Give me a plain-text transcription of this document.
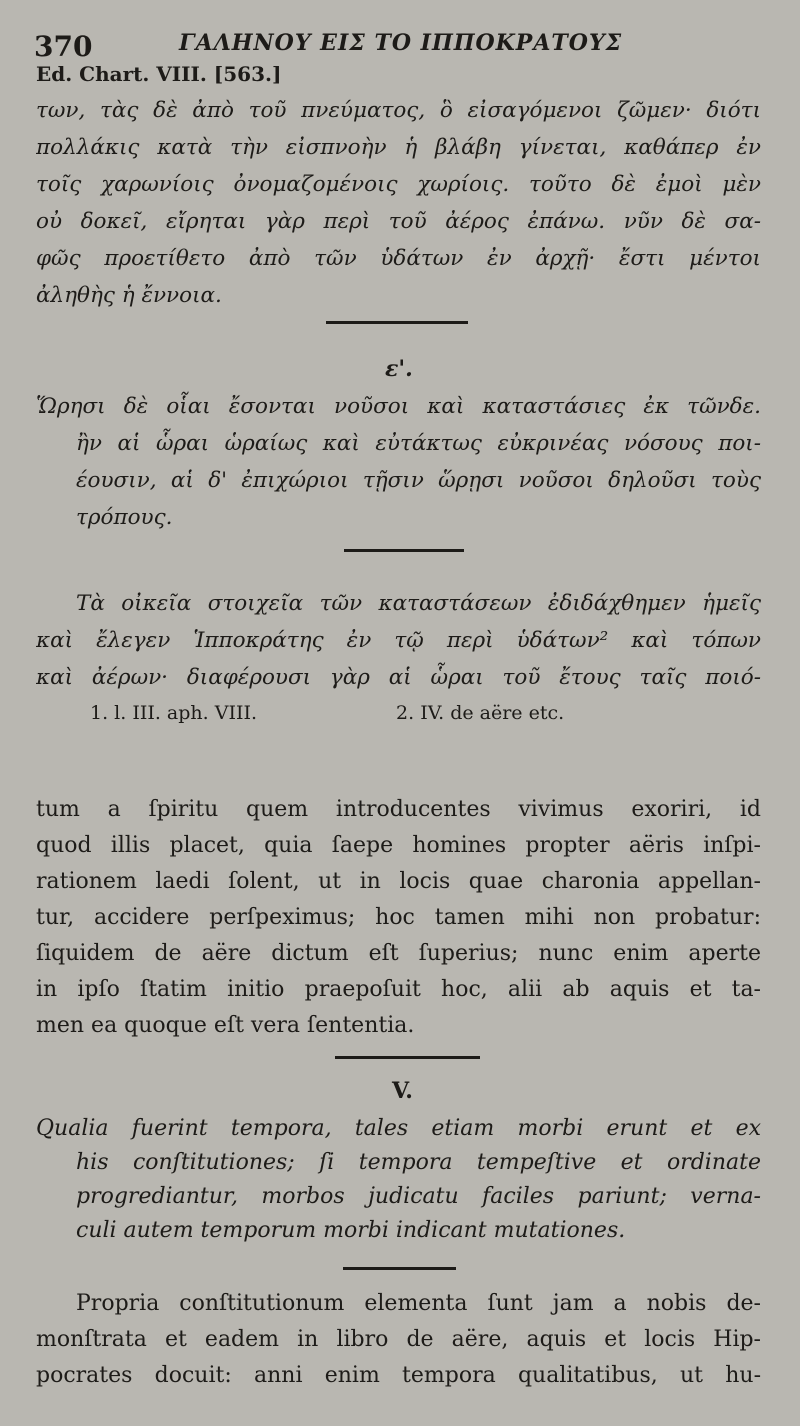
370	ΓΑΛΗΝΟΥ ΕΙΣ ΤΟ ΙΠΠΟΚΡΑΤΟΥΣ
Ed. Chart. VIII. [563.]
των, τὰς δὲ ἀπὸ τοῦ πνεύματος, ὃ εἰσαγόμενοι ζῶμεν· διότι
πολλάκις κατὰ τὴν εἰσπνοὴν ἡ βλάβη γίνεται, καθάπερ ἐν
τοῖς χαρωνίοις ὀνομαζομένοις χωρίοις. τοῦτο δὲ ἐμοὶ μὲν
οὐ δοκεῖ, εἴρηται γὰρ περὶ τοῦ ἀέρος ἐπάνω. νῦν δὲ σα-
φῶς προετίθετο ἀπὸ τῶν ὑδάτων ἐν ἀρχῇ· ἔστι μέντοι
ἀληθὴς ἡ ἔννοια.
ε'.
Ὥρησι δὲ οἷαι ἔσονται νοῦσοι καὶ καταστάσιες ἐκ τῶνδε.
ἢν αἱ ὧραι ὡραίως καὶ εὐτάκτως εὐκρινέας νόσους ποι-
έουσιν, αἱ δ' ἐπιχώριοι τῇσιν ὥρῃσι νοῦσοι δηλοῦσι τοὺς
τρόπους.
Τὰ οἰκεῖα στοιχεῖα τῶν καταστάσεων ἐδιδάχθημεν ἡμεῖς
καὶ ἔλεγεν Ἱπποκράτης ἐν τῷ περὶ ὑδάτων² καὶ τόπων
καὶ ἀέρων· διαφέρουσι γὰρ αἱ ὧραι τοῦ ἔτους ταῖς ποιό-
1. l. III. aph. VIII.	2. IV. de aëre etc.
tum a ſpiritu quem introducentes vivimus exoriri, id
quod illis placet, quia ſaepe homines propter aëris inſpi-
rationem laedi ſolent, ut in locis quae charonia appellan-
tur, accidere perſpeximus; hoc tamen mihi non probatur:
ſiquidem de aëre dictum eſt ſuperius; nunc enim aperte
in ipſo ſtatim initio praepoſuit hoc, alii ab aquis et ta-
men ea quoque eſt vera ſententia.
V.
Qualia fuerint tempora, tales etiam morbi erunt et ex
his conſtitutiones; ſi tempora tempeſtive et ordinate
progrediantur, morbos judicatu faciles pariunt; verna-
culi autem temporum morbi indicant mutationes.
Propria conſtitutionum elementa ſunt jam a nobis de-
monſtrata et eadem in libro de aëre, aquis et locis Hip-
pocrates docuit: anni enim tempora qualitatibus, ut hu-
